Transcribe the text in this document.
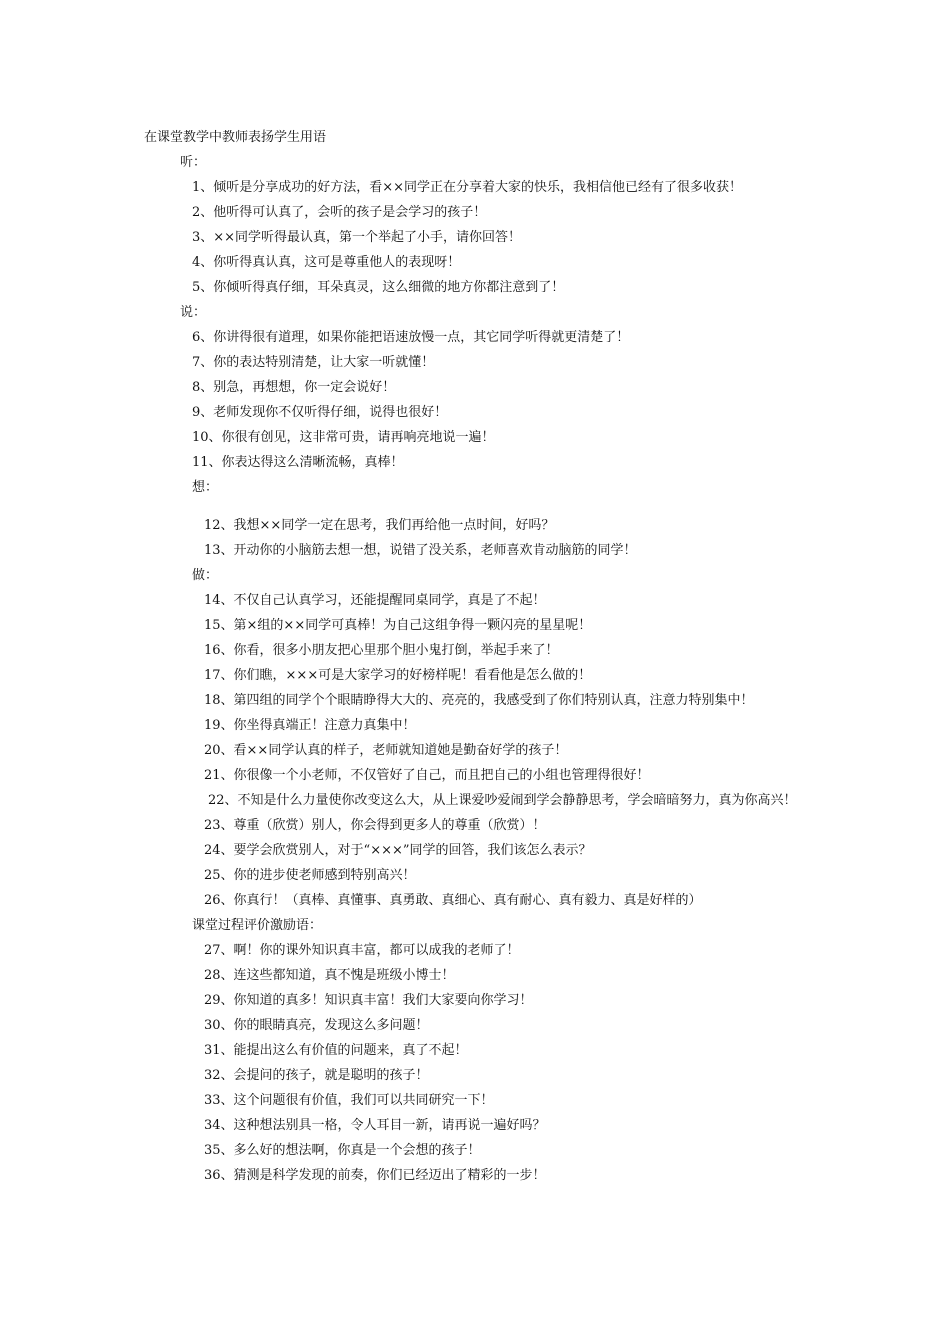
在课堂教学中教师表扬学生用语
听：
1、倾听是分享成功的好方法，看××同学正在分享着大家的快乐，我相信他已经有了很多收获！
2、他听得可认真了，会听的孩子是会学习的孩子！
3、××同学听得最认真，第一个举起了小手，请你回答！
4、你听得真认真，这可是尊重他人的表现呀！
5、你倾听得真仔细，耳朵真灵，这么细微的地方你都注意到了！
说：
6、你讲得很有道理，如果你能把语速放慢一点，其它同学听得就更清楚了！
7、你的表达特别清楚，让大家一听就懂！
8、别急，再想想，你一定会说好！
9、老师发现你不仅听得仔细，说得也很好！
10、你很有创见，这非常可贵，请再响亮地说一遍！
11、你表达得这么清晰流畅，真棒！
想：
12、我想××同学一定在思考，我们再给他一点时间，好吗？
13、开动你的小脑筋去想一想，说错了没关系，老师喜欢肯动脑筋的同学！
做：
14、不仅自己认真学习，还能提醒同桌同学，真是了不起！
15、第×组的××同学可真棒！为自己这组争得一颗闪亮的星星呢！
16、你看，很多小朋友把心里那个胆小鬼打倒，举起手来了！
17、你们瞧，×××可是大家学习的好榜样呢！看看他是怎么做的！
18、第四组的同学个个眼睛睁得大大的、亮亮的，我感受到了你们特别认真，注意力特别集中！
19、你坐得真端正！注意力真集中！
20、看××同学认真的样子，老师就知道她是勤奋好学的孩子！
21、你很像一个小老师，不仅管好了自己，而且把自己的小组也管理得很好！
22、不知是什么力量使你改变这么大，从上课爱吵爱闹到学会静静思考，学会暗暗努力，真为你高兴！
23、尊重（欣赏）别人，你会得到更多人的尊重（欣赏）！
24、要学会欣赏别人，对于“×××”同学的回答，我们该怎么表示？
25、你的进步使老师感到特别高兴！
26、你真行！（真棒、真懂事、真勇敢、真细心、真有耐心、真有毅力、真是好样的）
课堂过程评价激励语：
27、啊！你的课外知识真丰富，都可以成我的老师了！
28、连这些都知道，真不愧是班级小博士！
29、你知道的真多！知识真丰富！我们大家要向你学习！
30、你的眼睛真亮，发现这么多问题！
31、能提出这么有价值的问题来，真了不起！
32、会提问的孩子，就是聪明的孩子！
33、这个问题很有价值，我们可以共同研究一下！
34、这种想法别具一格，令人耳目一新，请再说一遍好吗？
35、多么好的想法啊，你真是一个会想的孩子！
36、猜测是科学发现的前奏，你们已经迈出了精彩的一步！
